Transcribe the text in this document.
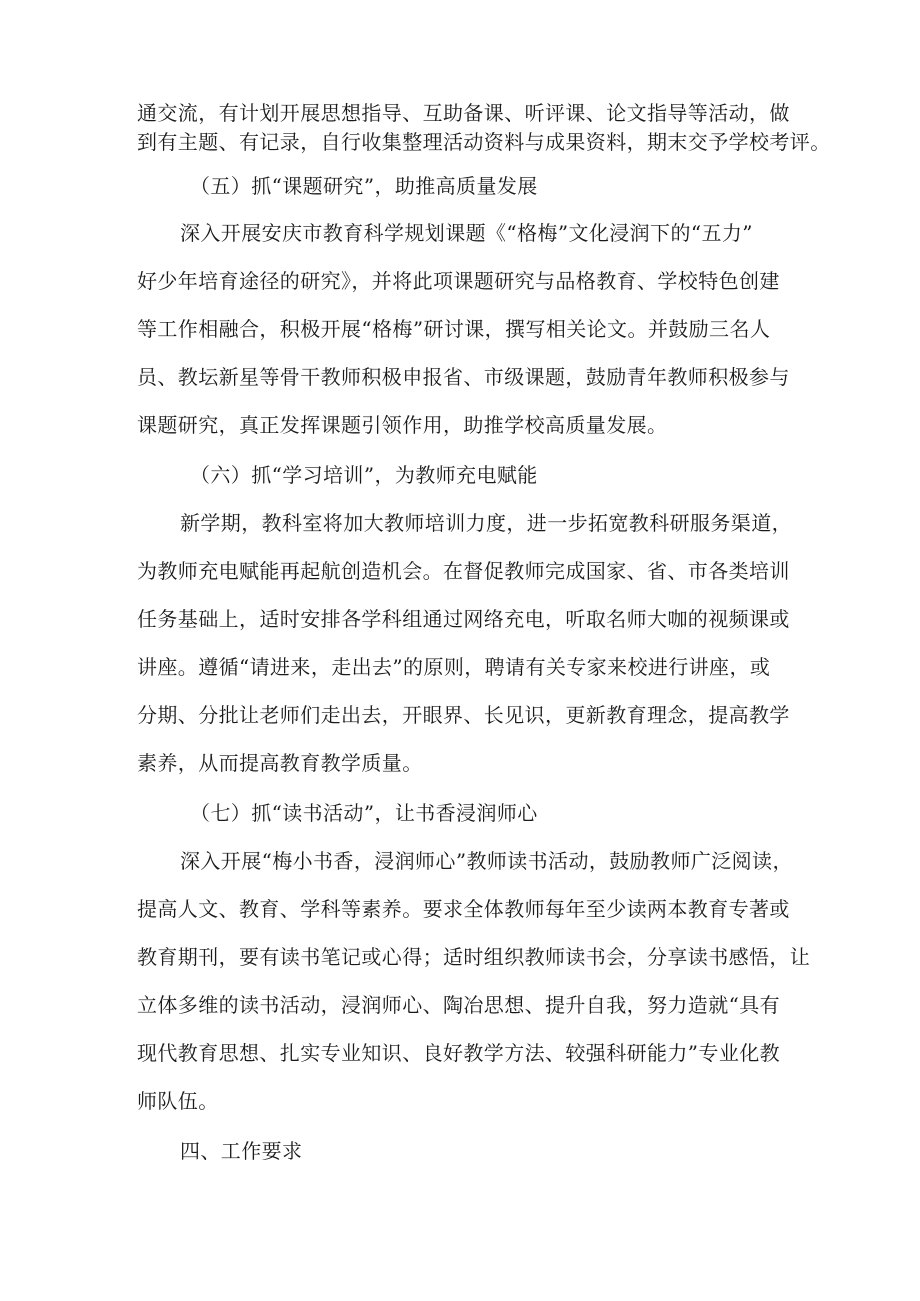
通交流，有计划开展思想指导、互助备课、听评课、论文指导等活动，做
到有主题、有记录，自行收集整理活动资料与成果资料，期末交予学校考评。
（五）抓“课题研究”，助推高质量发展
深入开展安庆市教育科学规划课题《“格梅”文化浸润下的“五力”
好少年培育途径的研究》，并将此项课题研究与品格教育、学校特色创建
等工作相融合，积极开展“格梅”研讨课，撰写相关论文。并鼓励三名人
员、教坛新星等骨干教师积极申报省、市级课题，鼓励青年教师积极参与
课题研究，真正发挥课题引领作用，助推学校高质量发展。
（六）抓“学习培训”，为教师充电赋能
新学期，教科室将加大教师培训力度，进一步拓宽教科研服务渠道，
为教师充电赋能再起航创造机会。在督促教师完成国家、省、市各类培训
任务基础上，适时安排各学科组通过网络充电，听取名师大咖的视频课或
讲座。遵循“请进来，走出去”的原则，聘请有关专家来校进行讲座，或
分期、分批让老师们走出去，开眼界、长见识，更新教育理念，提高教学
素养，从而提高教育教学质量。
（七）抓“读书活动”，让书香浸润师心
深入开展“梅小书香，浸润师心”教师读书活动，鼓励教师广泛阅读，
提高人文、教育、学科等素养。要求全体教师每年至少读两本教育专著或
教育期刊，要有读书笔记或心得；适时组织教师读书会，分享读书感悟，让
立体多维的读书活动，浸润师心、陶冶思想、提升自我，努力造就“具有
现代教育思想、扎实专业知识、良好教学方法、较强科研能力”专业化教
师队伍。
四、工作要求
